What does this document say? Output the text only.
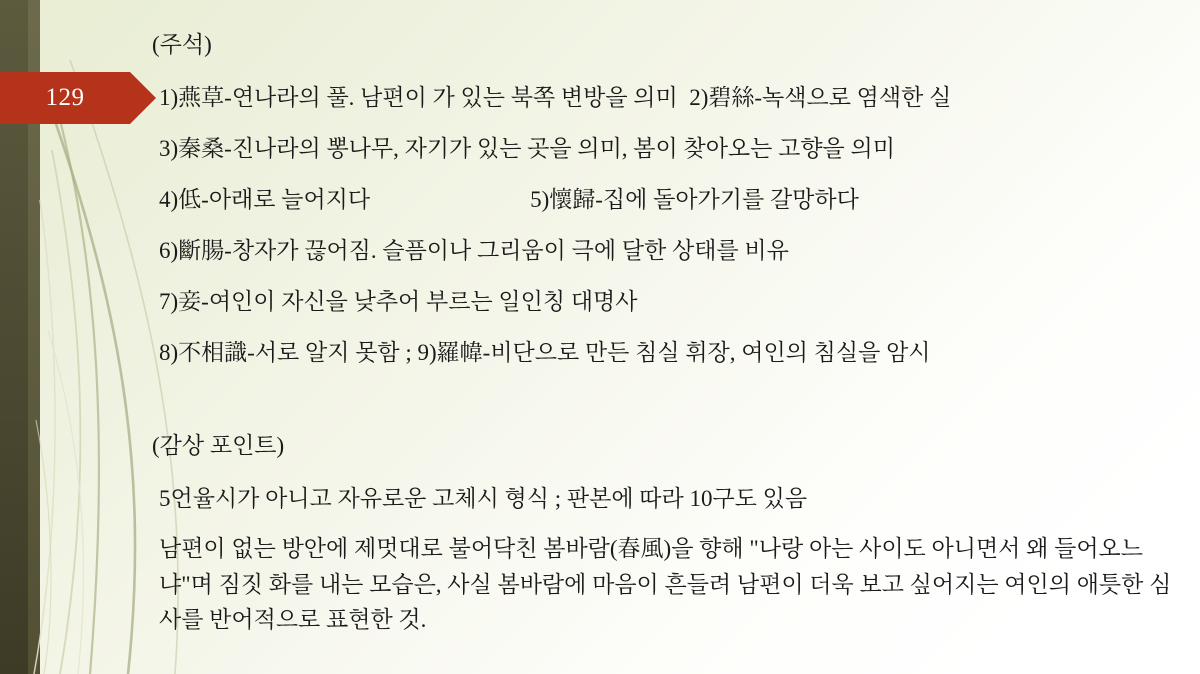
129
(주석)
1)燕草-연나라의 풀. 남편이 가 있는 북쪽 변방을 의미  2)碧絲-녹색으로 염색한 실
3)秦桑-진나라의 뽕나무, 자기가 있는 곳을 의미, 봄이 찾아오는 고향을 의미
4)低-아래로 늘어지다	5)懷歸-집에 돌아가기를 갈망하다
6)斷腸-창자가 끊어짐. 슬픔이나 그리움이 극에 달한 상태를 비유
7)妾-여인이 자신을 낮추어 부르는 일인칭 대명사
8)不相識-서로 알지 못함 ; 9)羅幃-비단으로 만든 침실 휘장, 여인의 침실을 암시
(감상 포인트)
5언율시가 아니고 자유로운 고체시 형식 ; 판본에 따라 10구도 있음
남편이 없는 방안에 제멋대로 불어닥친 봄바람(春風)을 향해 "나랑 아는 사이도 아니면서 왜 들어오느냐"며 짐짓 화를 내는 모습은, 사실 봄바람에 마음이 흔들려 남편이 더욱 보고 싶어지는 여인의 애틋한 심사를 반어적으로 표현한 것.
